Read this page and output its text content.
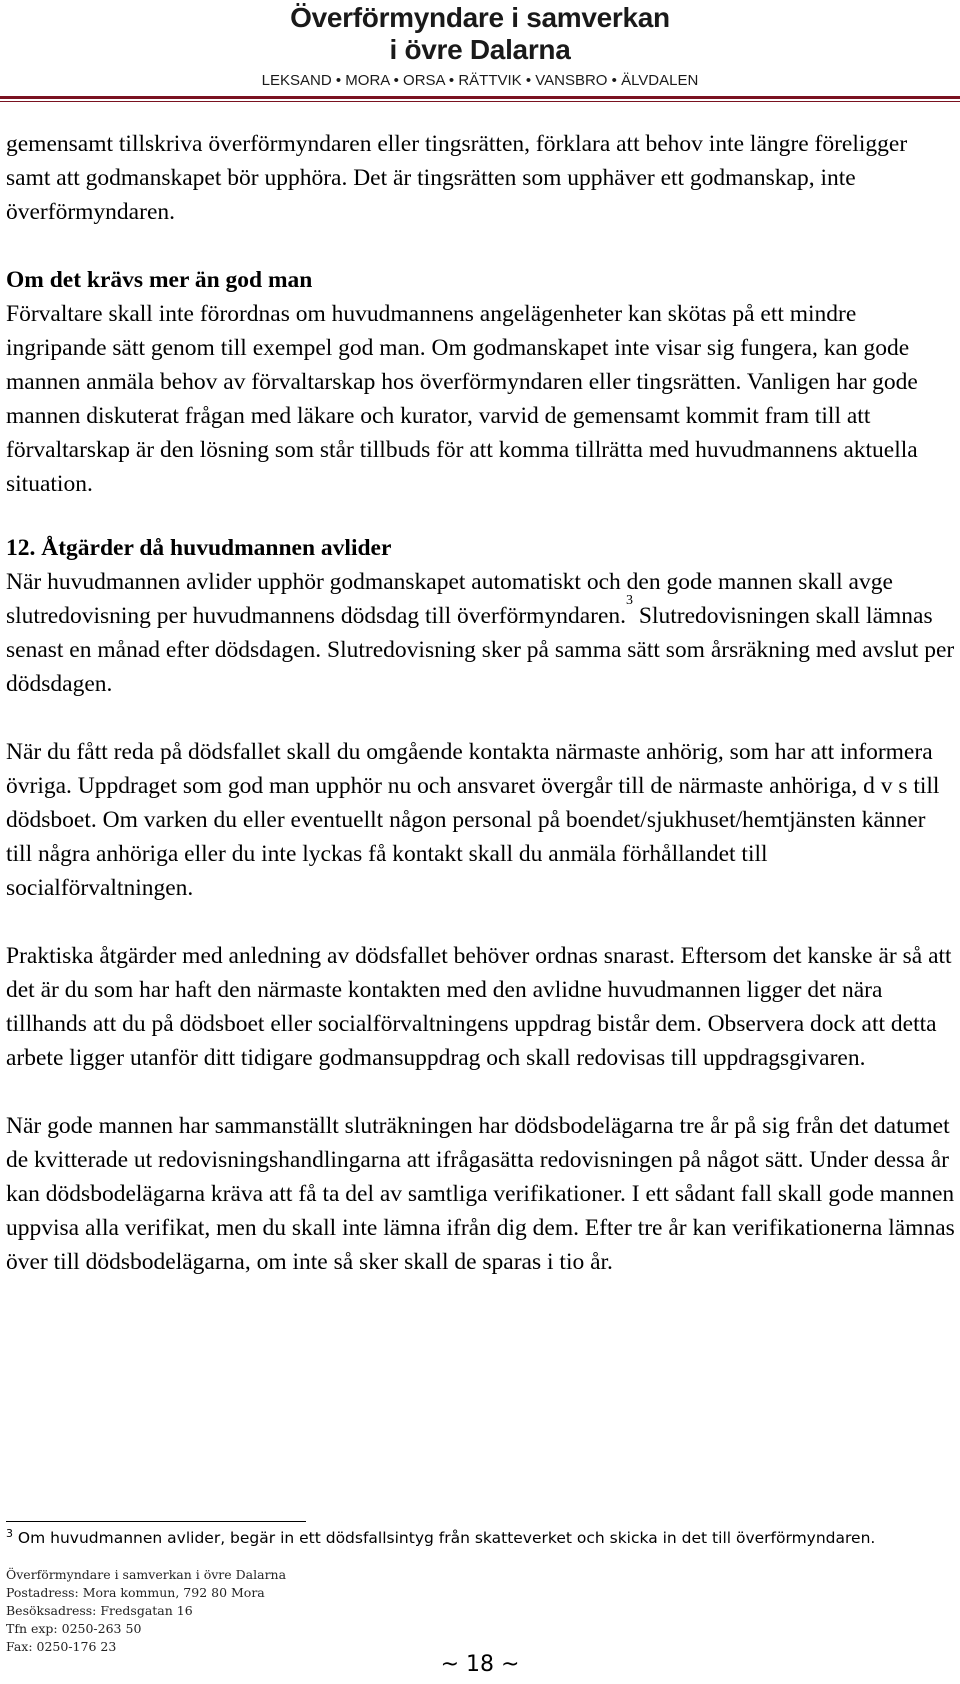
Överförmyndare i samverkan
i övre Dalarna
LEKSAND • MORA • ORSA • RÄTTVIK • VANSBRO • ÄLVDALEN

gemensamt tillskriva överförmyndaren eller tingsrätten, förklara att behov inte längre föreligger samt att godmanskapet bör upphöra. Det är tingsrätten som upphäver ett godmanskap, inte överförmyndaren.

Om det krävs mer än god man

Förvaltare skall inte förordnas om huvudmannens angelägenheter kan skötas på ett mindre ingripande sätt genom till exempel god man. Om godmanskapet inte visar sig fungera, kan gode mannen anmäla behov av förvaltarskap hos överförmyndaren eller tingsrätten. Vanligen har gode mannen diskuterat frågan med läkare och kurator, varvid de gemensamt kommit fram till att förvaltarskap är den lösning som står tillbuds för att komma tillrätta med huvudmannens aktuella situation.

12. Åtgärder då huvudmannen avlider

När huvudmannen avlider upphör godmanskapet automatiskt och den gode mannen skall avge slutredovisning per huvudmannens dödsdag till överförmyndaren.$^3$ Slutredovisningen skall lämnas senast en månad efter dödsdagen. Slutredovisning sker på samma sätt som årsräkning med avslut per dödsdagen.

När du fått reda på dödsfallet skall du omgående kontakta närmaste anhörig, som har att informera övriga. Uppdraget som god man upphör nu och ansvaret övergår till de närmaste anhöriga, d v s till dödsboet. Om varken du eller eventuellt någon personal på boendet/sjukhuset/hemtjänsten känner till några anhöriga eller du inte lyckas få kontakt skall du anmäla förhållandet till socialförvaltningen.

Praktiska åtgärder med anledning av dödsfallet behöver ordnas snarast. Eftersom det kanske är så att det är du som har haft den närmaste kontakten med den avlidne huvudmannen ligger det nära tillhands att du på dödsboet eller socialförvaltningens uppdrag bistår dem. Observera dock att detta arbete ligger utanför ditt tidigare godmansuppdrag och skall redovisas till uppdragsgivaren.

När gode mannen har sammanställt sluträkningen har dödsbodelägarna tre år på sig från det datumet de kvitterade ut redovisningshandlingarna att ifrågasätta redovisningen på något sätt. Under dessa år kan dödsbodelägarna kräva att få ta del av samtliga verifikationer. I ett sådant fall skall gode mannen uppvisa alla verifikat, men du skall inte lämna ifrån dig dem. Efter tre år kan verifikationerna lämnas över till dödsbodelägarna, om inte så sker skall de sparas i tio år.

$^3$ Om huvudmannen avlider, begär in ett dödsfallsintyg från skatteverket och skicka in det till överförmyndaren.
Överförmyndare i samverkan i övre Dalarna
Postadress: Mora kommun, 792 80 Mora
Besöksadress: Fredsgatan 16
Tfn exp: 0250-263 50
Fax: 0250-176 23
~ 18 ~
